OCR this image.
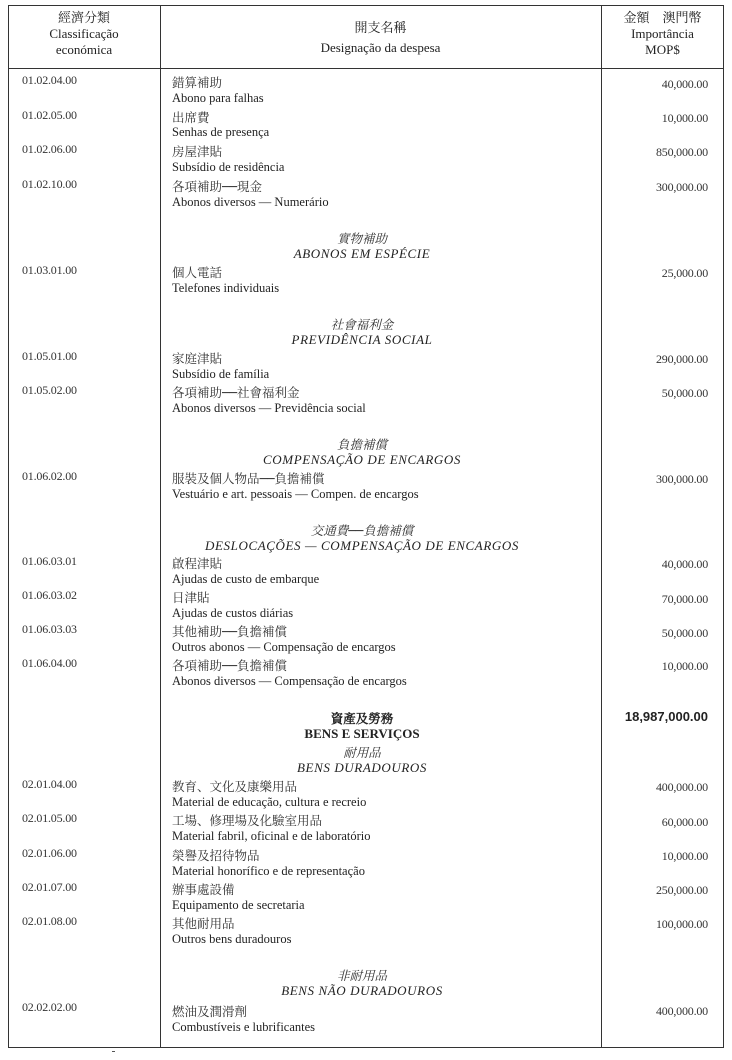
經濟分類
Classificação
económica
開支名稱
Designação da despesa
金額　澳門幣
Importância
MOP$
01.02.04.00	錯算補助
Abono para falhas
40,000.00
01.02.05.00	出席費
Senhas de presença
10,000.00
01.02.06.00	房屋津貼
Subsídio de residência
850,000.00
01.02.10.00	各項補助──現金
Abonos diversos — Numerário
300,000.00
實物補助
ABONOS EM ESPÉCIE
01.03.01.00	個人電話
Telefones individuais
25,000.00
社會福利金
PREVIDÊNCIA SOCIAL
01.05.01.00	家庭津貼
Subsídio de família
290,000.00
01.05.02.00	各項補助──社會福利金
Abonos diversos — Previdência social
50,000.00
負擔補償
COMPENSAÇÃO DE ENCARGOS
01.06.02.00	服裝及個人物品──負擔補償
Vestuário e art. pessoais — Compen. de encargos
300,000.00
交通費──負擔補償
DESLOCAÇÕES — COMPENSAÇÃO DE ENCARGOS
01.06.03.01	啟程津貼
Ajudas de custo de embarque
40,000.00
01.06.03.02	日津貼
Ajudas de custos diárias
70,000.00
01.06.03.03	其他補助──負擔補償
Outros abonos — Compensação de encargos
50,000.00
01.06.04.00	各項補助──負擔補償
Abonos diversos — Compensação de encargos
10,000.00
資產及勞務	18,987,000.00
BENS E SERVIÇOS
耐用品
BENS DURADOUROS
02.01.04.00	教育、文化及康樂用品
Material de educação, cultura e recreio
400,000.00
02.01.05.00	工場、修理場及化驗室用品
Material fabril, oficinal e de laboratório
60,000.00
02.01.06.00	榮譽及招待物品
Material honorífico e de representação
10,000.00
02.01.07.00	辦事處設備
Equipamento de secretaria
250,000.00
02.01.08.00	其他耐用品
Outros bens duradouros
100,000.00
非耐用品
BENS NÃO DURADOUROS
02.02.02.00	燃油及潤滑劑
Combustíveis e lubrificantes
400,000.00
